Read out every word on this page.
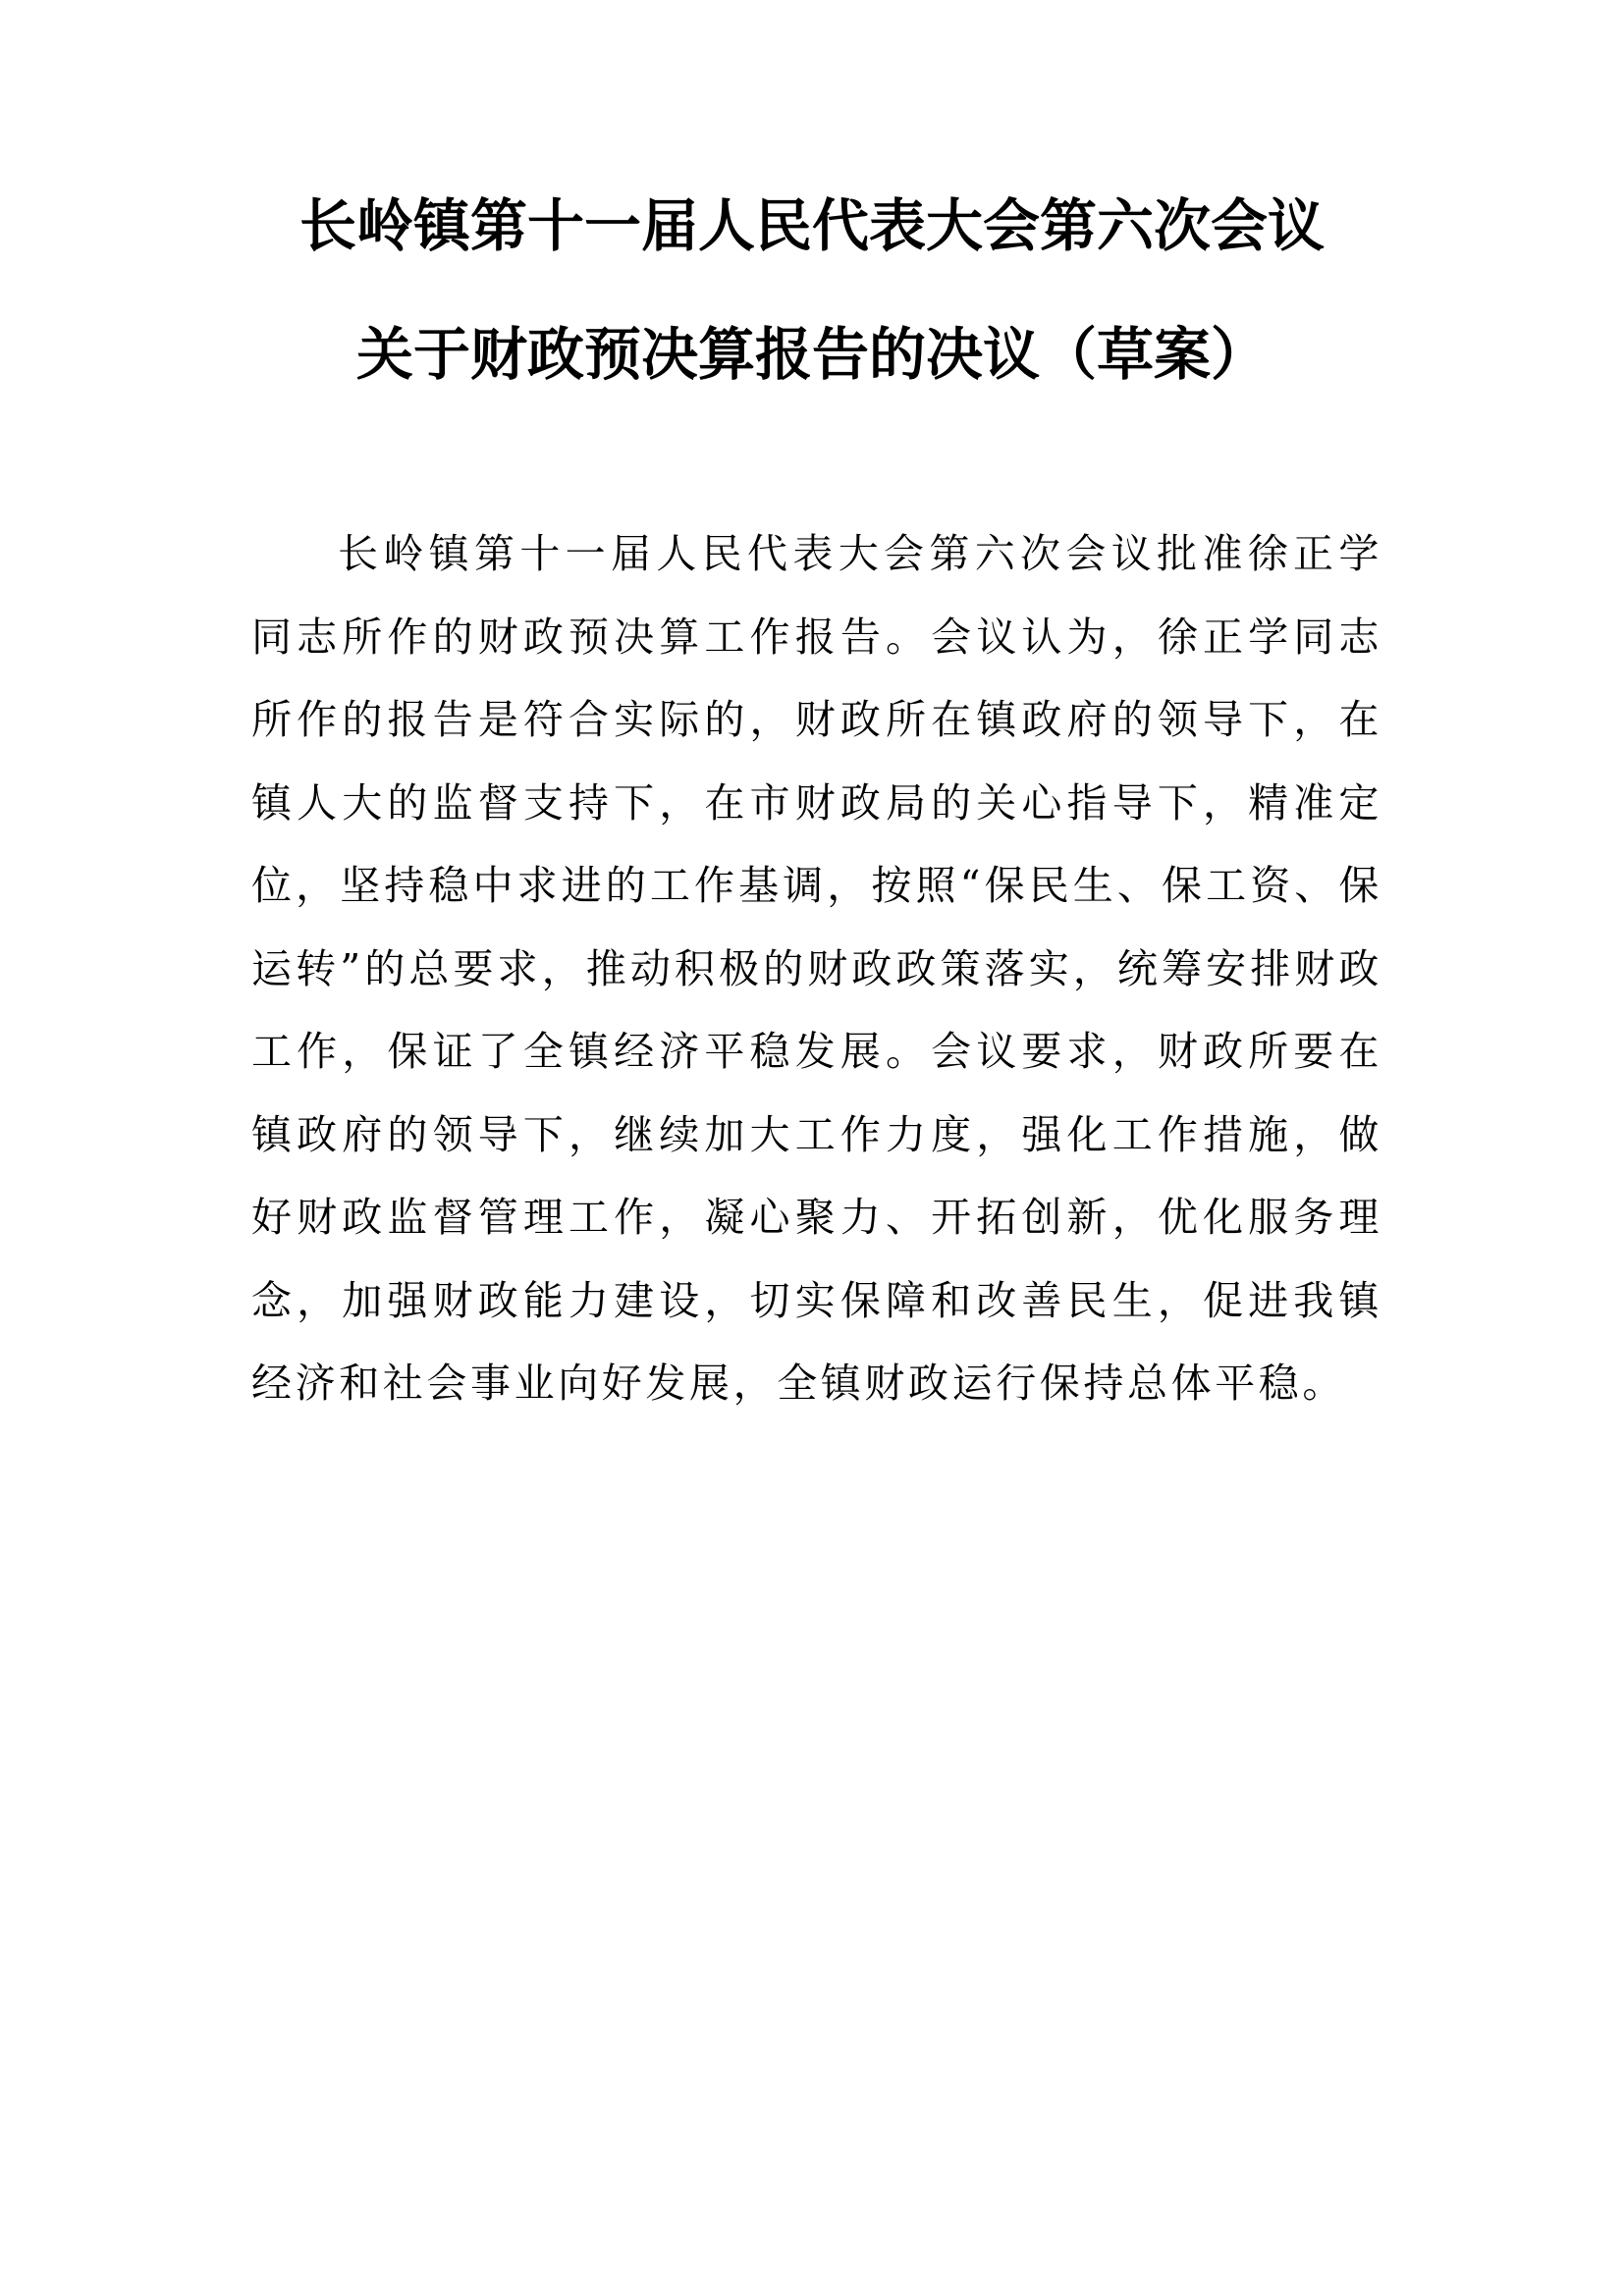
长岭镇第十一届人民代表大会第六次会议
关于财政预决算报告的决议（草案）

长岭镇第十一届人民代表大会第六次会议批准徐正学同志所作的财政预决算工作报告。会议认为，徐正学同志所作的报告是符合实际的，财政所在镇政府的领导下，在镇人大的监督支持下，在市财政局的关心指导下，精准定位，坚持稳中求进的工作基调，按照“保民生、保工资、保运转”的总要求，推动积极的财政政策落实，统筹安排财政工作，保证了全镇经济平稳发展。会议要求，财政所要在镇政府的领导下，继续加大工作力度，强化工作措施，做好财政监督管理工作，凝心聚力、开拓创新，优化服务理念，加强财政能力建设，切实保障和改善民生，促进我镇经济和社会事业向好发展，全镇财政运行保持总体平稳。
